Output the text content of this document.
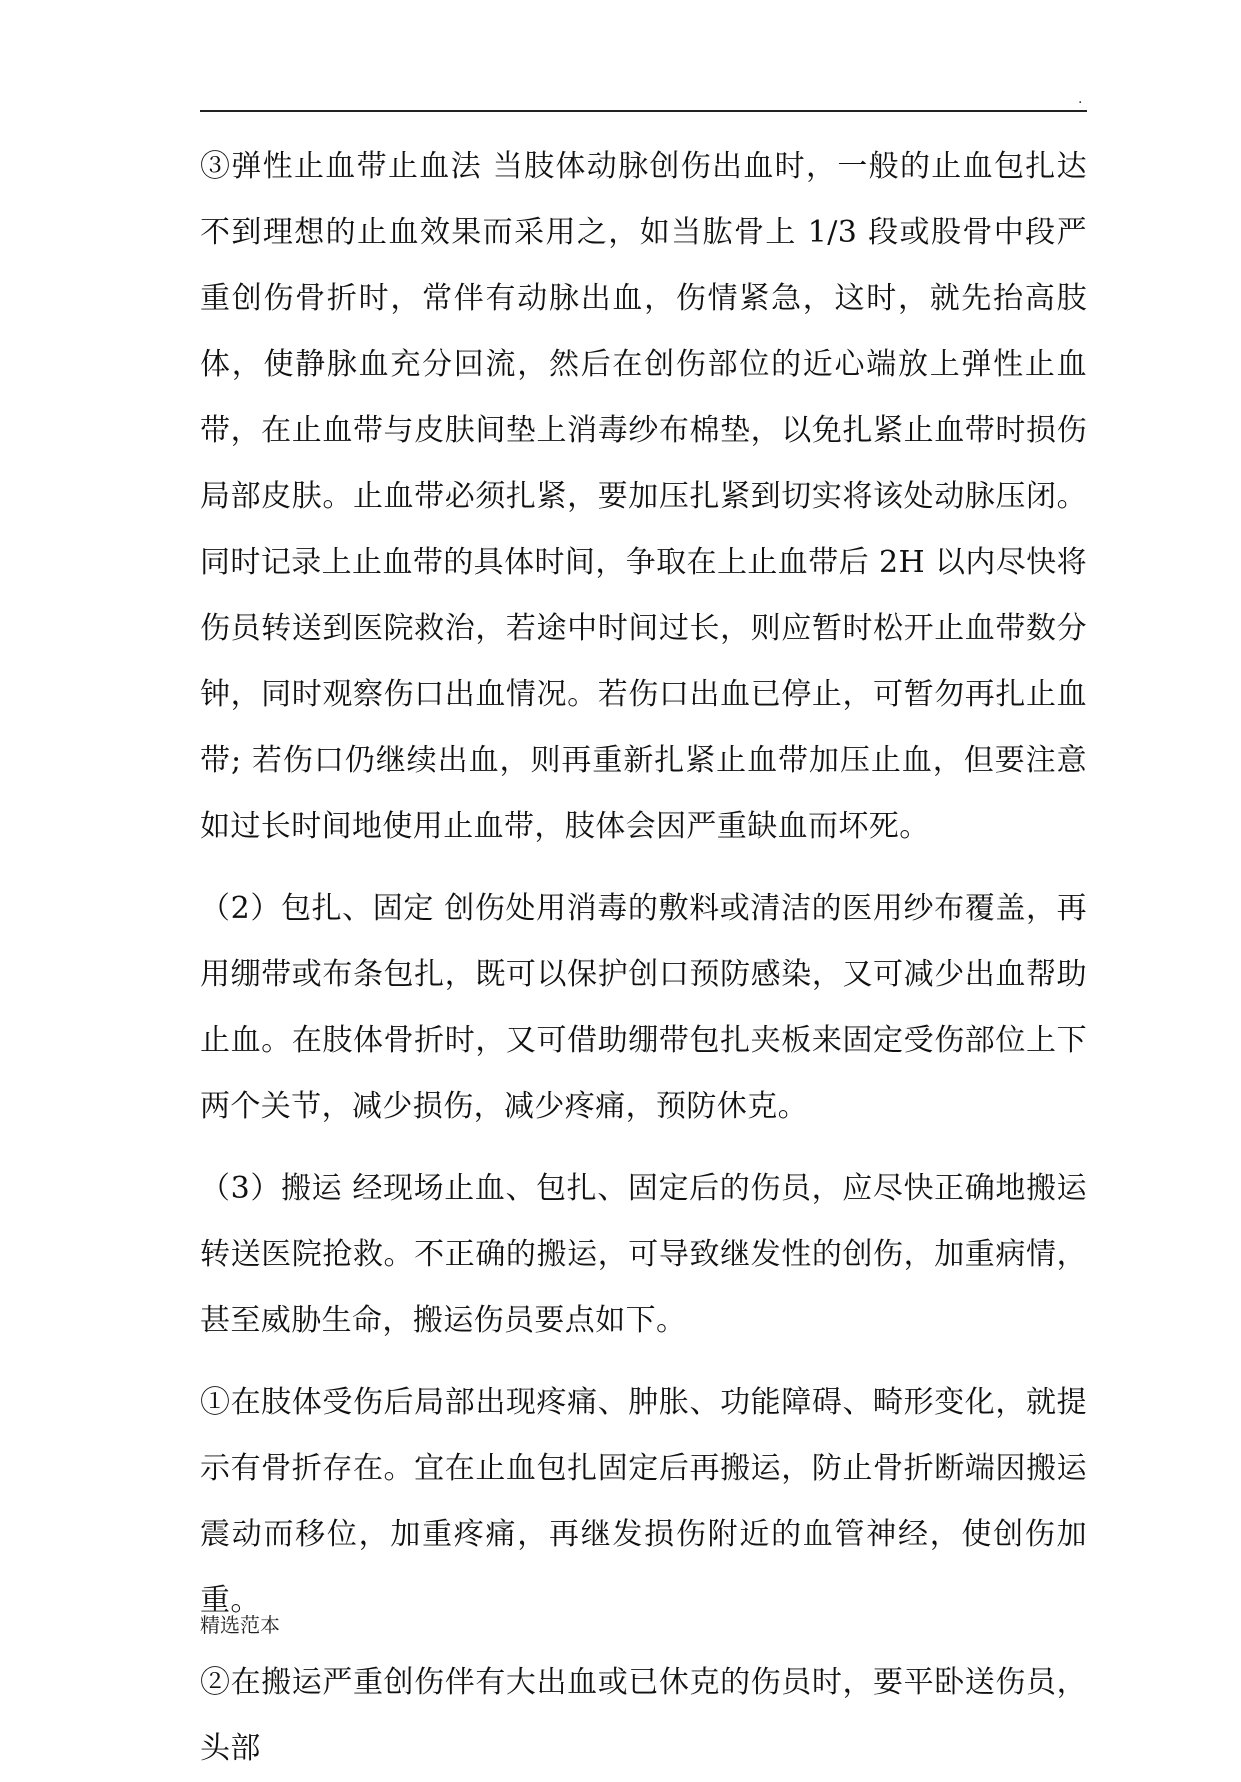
.

③弹性止血带止血法 当肢体动脉创伤出血时，一般的止血包扎达不到理想的止血效果而采用之，如当肱骨上 1/3 段或股骨中段严重创伤骨折时，常伴有动脉出血，伤情紧急，这时，就先抬高肢体，使静脉血充分回流，然后在创伤部位的近心端放上弹性止血带，在止血带与皮肤间垫上消毒纱布棉垫，以免扎紧止血带时损伤局部皮肤。止血带必须扎紧，要加压扎紧到切实将该处动脉压闭。同时记录上止血带的具体时间，争取在上止血带后 2H 以内尽快将伤员转送到医院救治，若途中时间过长，则应暂时松开止血带数分钟，同时观察伤口出血情况。若伤口出血已停止，可暂勿再扎止血带; 若伤口仍继续出血，则再重新扎紧止血带加压止血，但要注意如过长时间地使用止血带，肢体会因严重缺血而坏死。

（2）包扎、固定 创伤处用消毒的敷料或清洁的医用纱布覆盖，再用绷带或布条包扎，既可以保护创口预防感染，又可减少出血帮助止血。在肢体骨折时，又可借助绷带包扎夹板来固定受伤部位上下两个关节，减少损伤，减少疼痛，预防休克。

（3）搬运 经现场止血、包扎、固定后的伤员，应尽快正确地搬运转送医院抢救。不正确的搬运，可导致继发性的创伤，加重病情，甚至威胁生命，搬运伤员要点如下。

①在肢体受伤后局部出现疼痛、肿胀、功能障碍、畸形变化，就提示有骨折存在。宜在止血包扎固定后再搬运，防止骨折断端因搬运震动而移位，加重疼痛，再继发损伤附近的血管神经，使创伤加重。

②在搬运严重创伤伴有大出血或已休克的伤员时，要平卧送伤员，头部

精选范本
